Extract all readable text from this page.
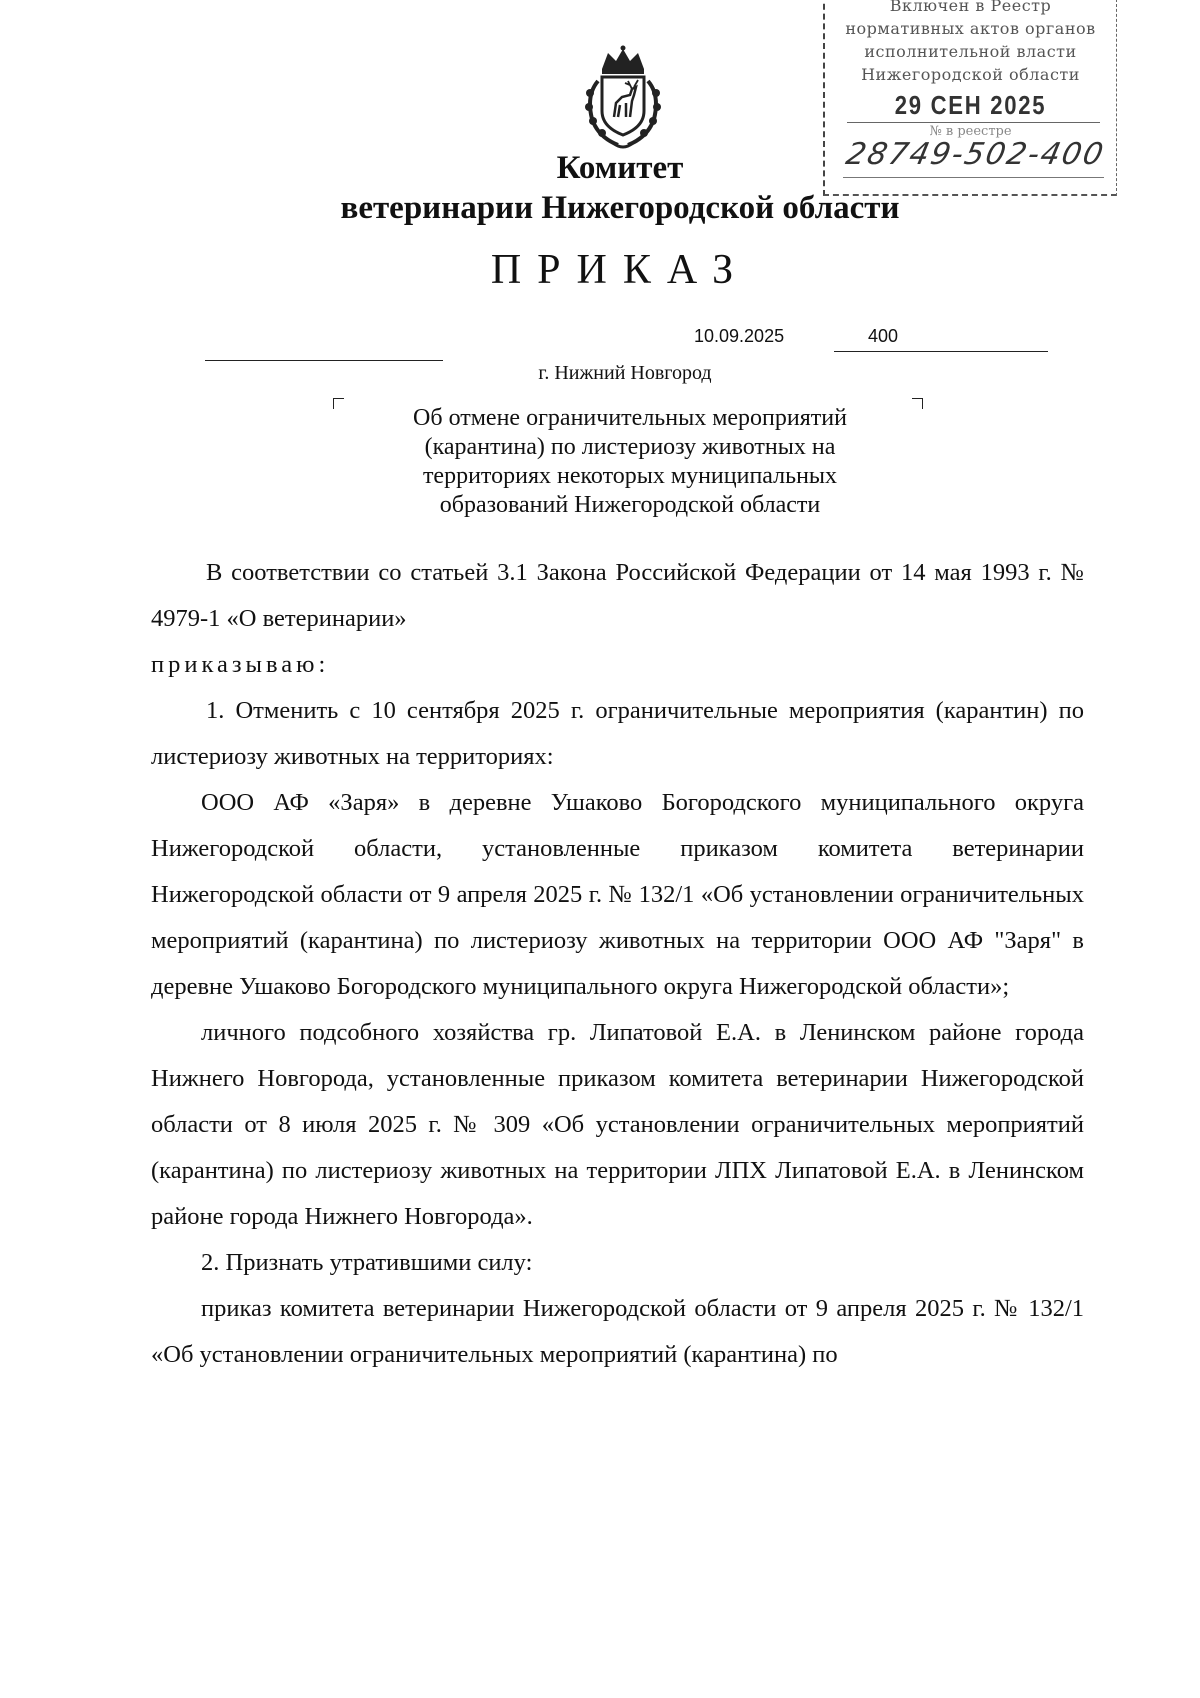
Включен в Реестр
нормативных актов органов
исполнительной власти
Нижегородской области
29 СЕН 2025
№ в реестре
28749-502-400
Комитет
ветеринарии Нижегородской области
ПРИКАЗ
10.09.2025	400
г. Нижний Новгород
Об отмене ограничительных мероприятий
(карантина) по листериозу животных на
территориях некоторых муниципальных
образований Нижегородской области

В соответствии со статьей 3.1 Закона Российской Федерации от 14 мая 1993 г. № 4979-1 «О ветеринарии»

приказываю:

1. Отменить с 10 сентября 2025 г. ограничительные мероприятия (карантин) по листериозу животных на территориях:

ООО АФ «Заря» в деревне Ушаково Богородского муниципального округа Нижегородской области, установленные приказом комитета ветеринарии Нижегородской области от 9 апреля 2025 г. № 132/1 «Об установлении ограничительных мероприятий (карантина) по листериозу животных на территории ООО АФ "Заря" в деревне Ушаково Богородского муниципального округа Нижегородской области»;

личного подсобного хозяйства гр. Липатовой Е.А. в Ленинском районе города Нижнего Новгорода, установленные приказом комитета ветеринарии Нижегородской области от 8 июля 2025 г. № 309 «Об установлении ограничительных мероприятий (карантина) по листериозу животных на территории ЛПХ Липатовой Е.А. в Ленинском районе города Нижнего Новгорода».

2. Признать утратившими силу:

приказ комитета ветеринарии Нижегородской области от 9 апреля 2025 г. № 132/1 «Об установлении ограничительных мероприятий (карантина) по
